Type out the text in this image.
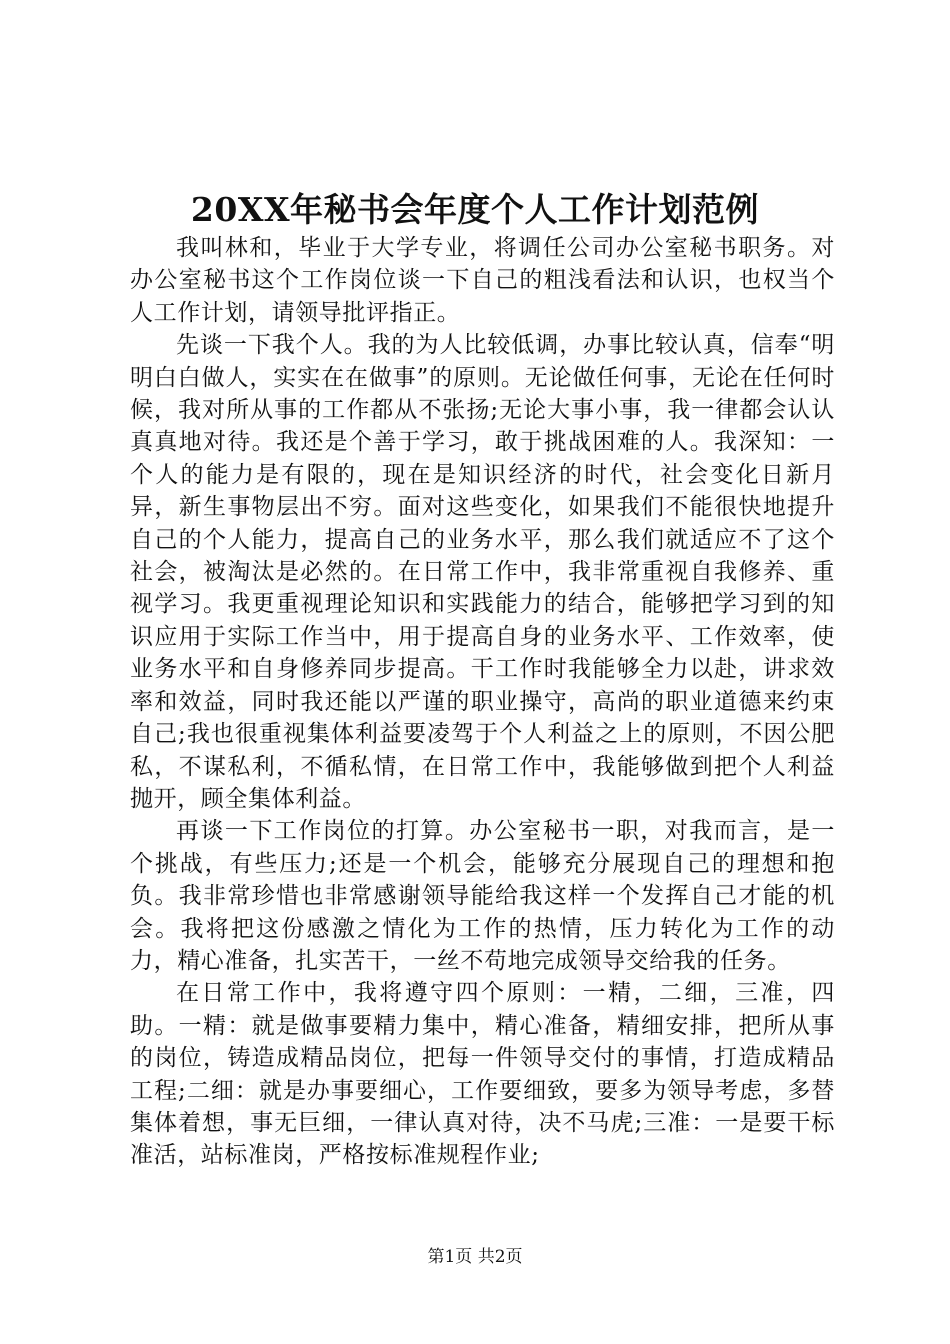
20XX年秘书会年度个人工作计划范例

我叫林和，毕业于大学专业，将调任公司办公室秘书职务。对办公室秘书这个工作岗位谈一下自己的粗浅看法和认识，也权当个人工作计划，请领导批评指正。

先谈一下我个人。我的为人比较低调，办事比较认真，信奉“明明白白做人，实实在在做事”的原则。无论做任何事，无论在任何时候，我对所从事的工作都从不张扬;无论大事小事，我一律都会认认真真地对待。我还是个善于学习，敢于挑战困难的人。我深知：一个人的能力是有限的，现在是知识经济的时代，社会变化日新月异，新生事物层出不穷。面对这些变化，如果我们不能很快地提升自己的个人能力，提高自己的业务水平，那么我们就适应不了这个社会，被淘汰是必然的。在日常工作中，我非常重视自我修养、重视学习。我更重视理论知识和实践能力的结合，能够把学习到的知识应用于实际工作当中，用于提高自身的业务水平、工作效率，使业务水平和自身修养同步提高。干工作时我能够全力以赴，讲求效率和效益，同时我还能以严谨的职业操守，高尚的职业道德来约束自己;我也很重视集体利益要凌驾于个人利益之上的原则，不因公肥私，不谋私利，不循私情，在日常工作中，我能够做到把个人利益抛开，顾全集体利益。

再谈一下工作岗位的打算。办公室秘书一职，对我而言，是一个挑战，有些压力;还是一个机会，能够充分展现自己的理想和抱负。我非常珍惜也非常感谢领导能给我这样一个发挥自己才能的机会。我将把这份感激之情化为工作的热情，压力转化为工作的动力，精心准备，扎实苦干，一丝不苟地完成领导交给我的任务。

在日常工作中，我将遵守四个原则：一精，二细，三准，四助。一精：就是做事要精力集中，精心准备，精细安排，把所从事的岗位，铸造成精品岗位，把每一件领导交付的事情，打造成精品工程;二细：就是办事要细心，工作要细致，要多为领导考虑，多替集体着想，事无巨细，一律认真对待，决不马虎;三准：一是要干标准活，站标准岗，严格按标准规程作业;

第1页 共2页
